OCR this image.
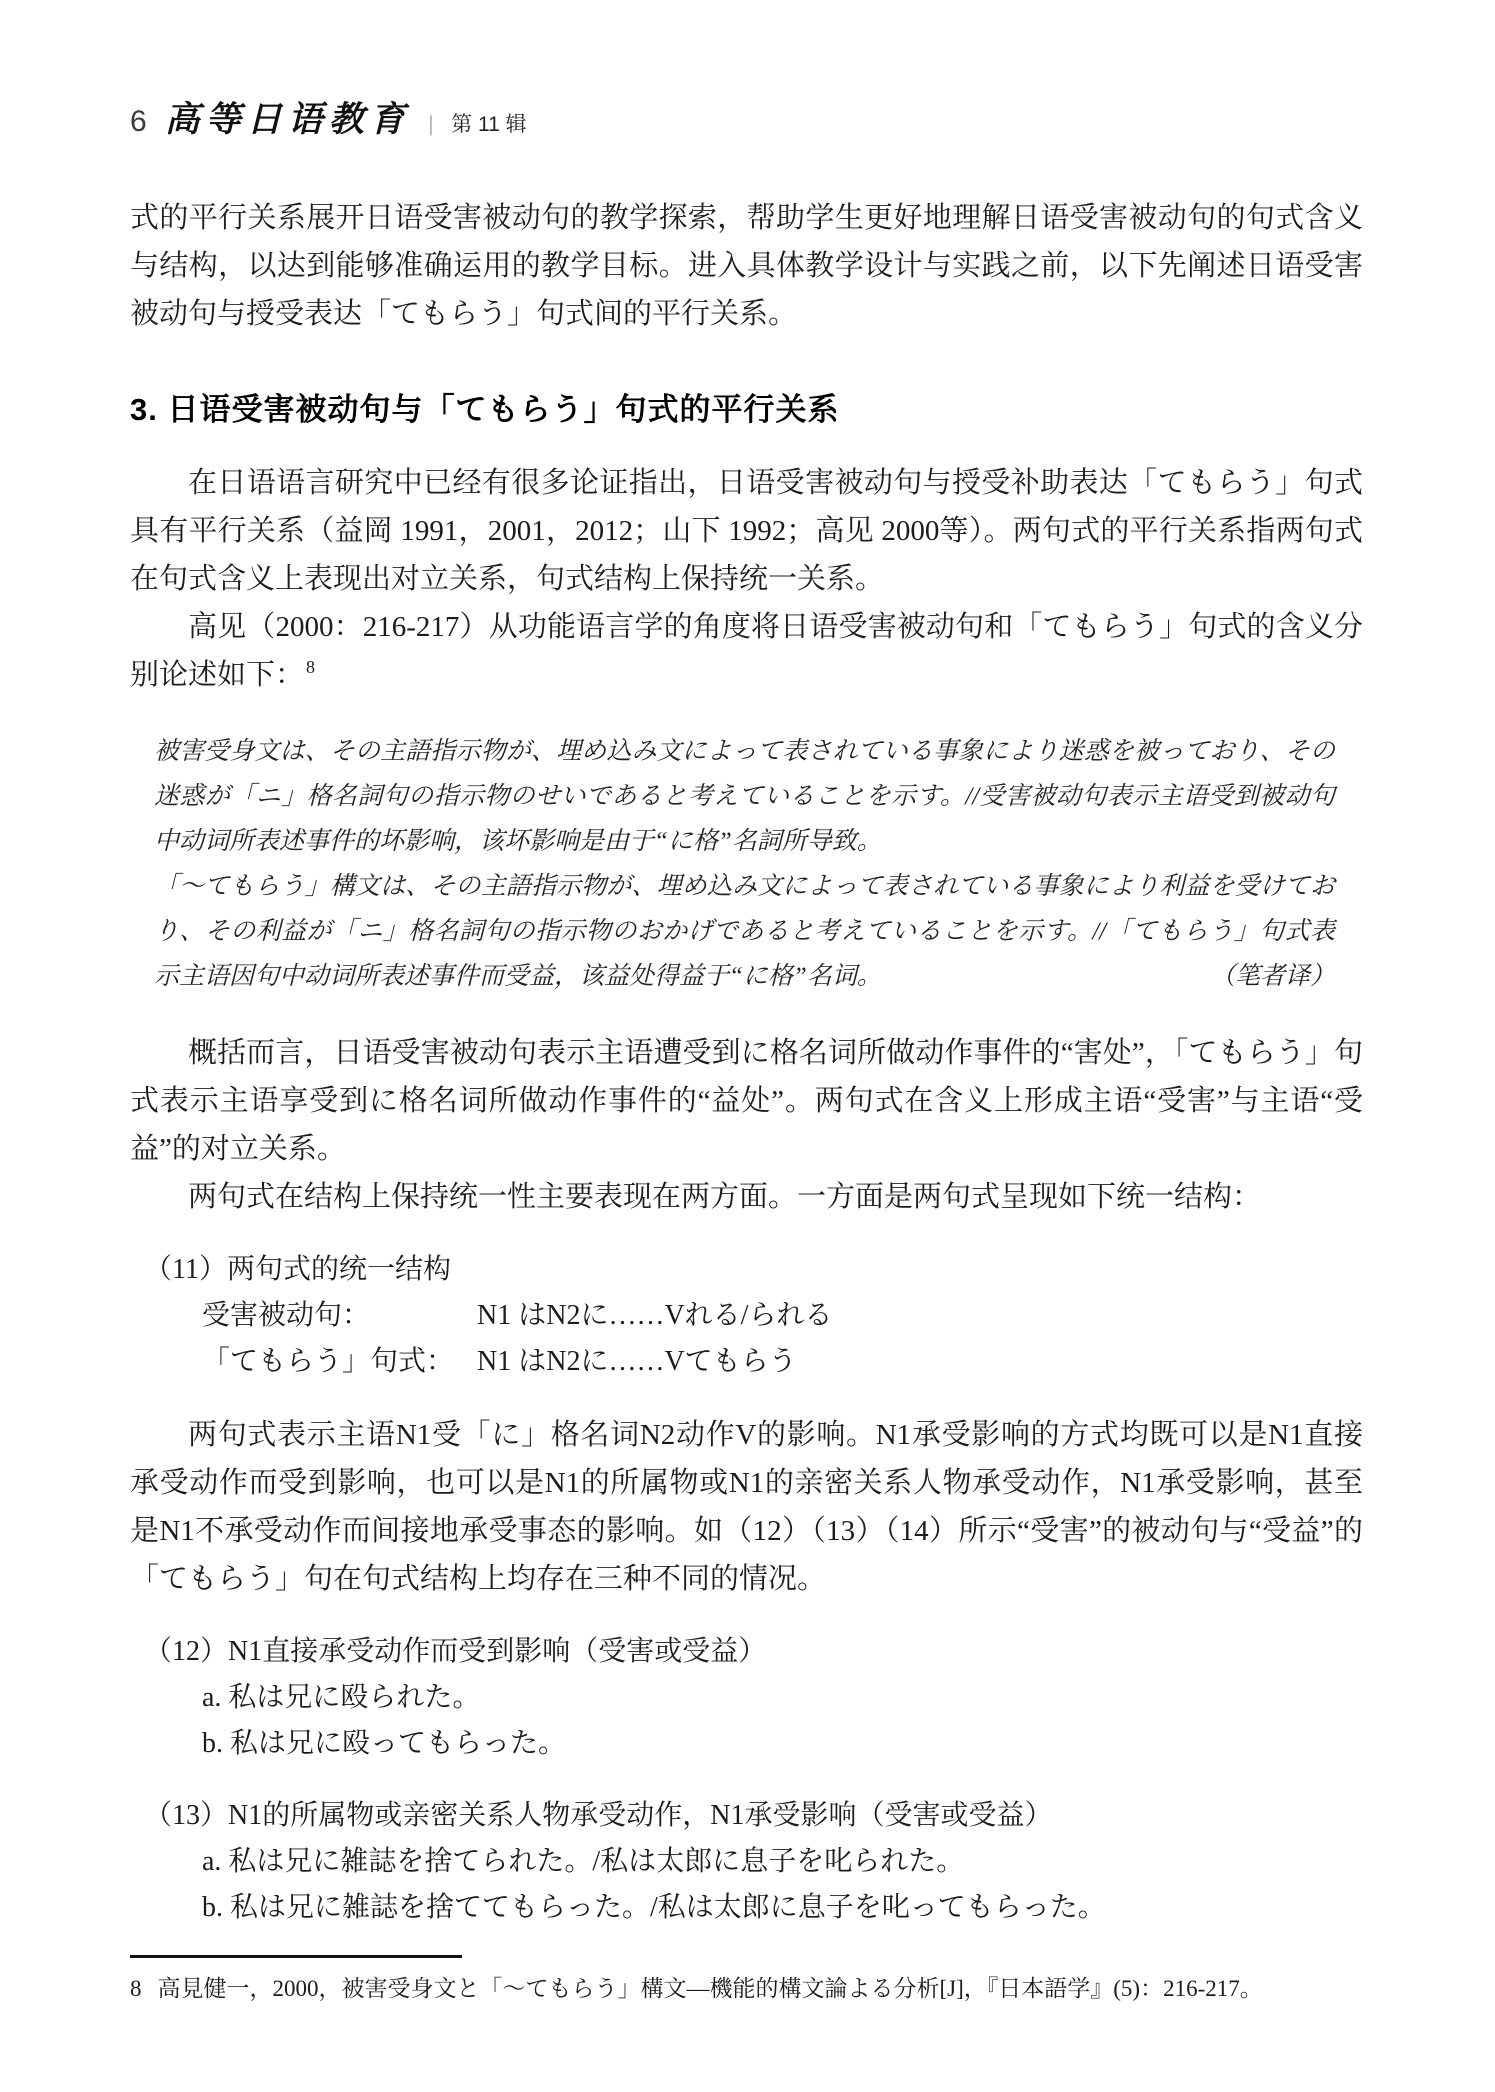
6 高等日语教育 | 第 11 辑

式的平行关系展开日语受害被动句的教学探索，帮助学生更好地理解日语受害被动句的句式含义与结构，以达到能够准确运用的教学目标。进入具体教学设计与实践之前，以下先阐述日语受害被动句与授受表达「てもらう」句式间的平行关系。

3. 日语受害被动句与「てもらう」句式的平行关系

在日语语言研究中已经有很多论证指出，日语受害被动句与授受补助表达「てもらう」句式具有平行关系（益岡 1991，2001，2012；山下 1992；高见 2000等）。两句式的平行关系指两句式在句式含义上表现出对立关系，句式结构上保持统一关系。

高见（2000：216-217）从功能语言学的角度将日语受害被动句和「てもらう」句式的含义分别论述如下： $^8$

被害受身文は、その主語指示物が、埋め込み文によって表されている事象により迷惑を被っており、その迷惑が「ニ」格名詞句の指示物のせいであると考えていることを示す。//受害被动句表示主语受到被动句中动词所表述事件的坏影响，该坏影响是由于“に格”名詞所导致。

「〜てもらう」構文は、その主語指示物が、埋め込み文によって表されている事象により利益を受けており、その利益が「ニ」格名詞句の指示物のおかげであると考えていることを示す。//「てもらう」句式表示主语因句中动词所表述事件而受益，该益处得益于“に格”名词。	（笔者译）

概括而言，日语受害被动句表示主语遭受到に格名词所做动作事件的“害处”，「てもらう」句式表示主语享受到に格名词所做动作事件的“益处”。两句式在含义上形成主语“受害”与主语“受益”的对立关系。

两句式在结构上保持统一性主要表现在两方面。一方面是两句式呈现如下统一结构：

（11）两句式的统一结构

受害被动句：	N1 はN2に……Vれる/られる
「てもらう」句式： N1 はN2に……Vてもらう

两句式表示主语N1受「に」格名词N2动作V的影响。N1承受影响的方式均既可以是N1直接承受动作而受到影响，也可以是N1的所属物或N1的亲密关系人物承受动作，N1承受影响，甚至是N1不承受动作而间接地承受事态的影响。如（12）（13）（14）所示“受害”的被动句与“受益”的「てもらう」句在句式结构上均存在三种不同的情况。

（12）N1直接承受动作而受到影响（受害或受益）

a. 私は兄に殴られた。

b. 私は兄に殴ってもらった。

（13）N1的所属物或亲密关系人物承受动作，N1承受影响（受害或受益）

a. 私は兄に雑誌を捨てられた。/私は太郎に息子を叱られた。

b. 私は兄に雑誌を捨ててもらった。/私は太郎に息子を叱ってもらった。

8 高見健一，2000，被害受身文と「〜てもらう」構文—機能的構文論よる分析[J]，『日本語学』(5)：216-217。
